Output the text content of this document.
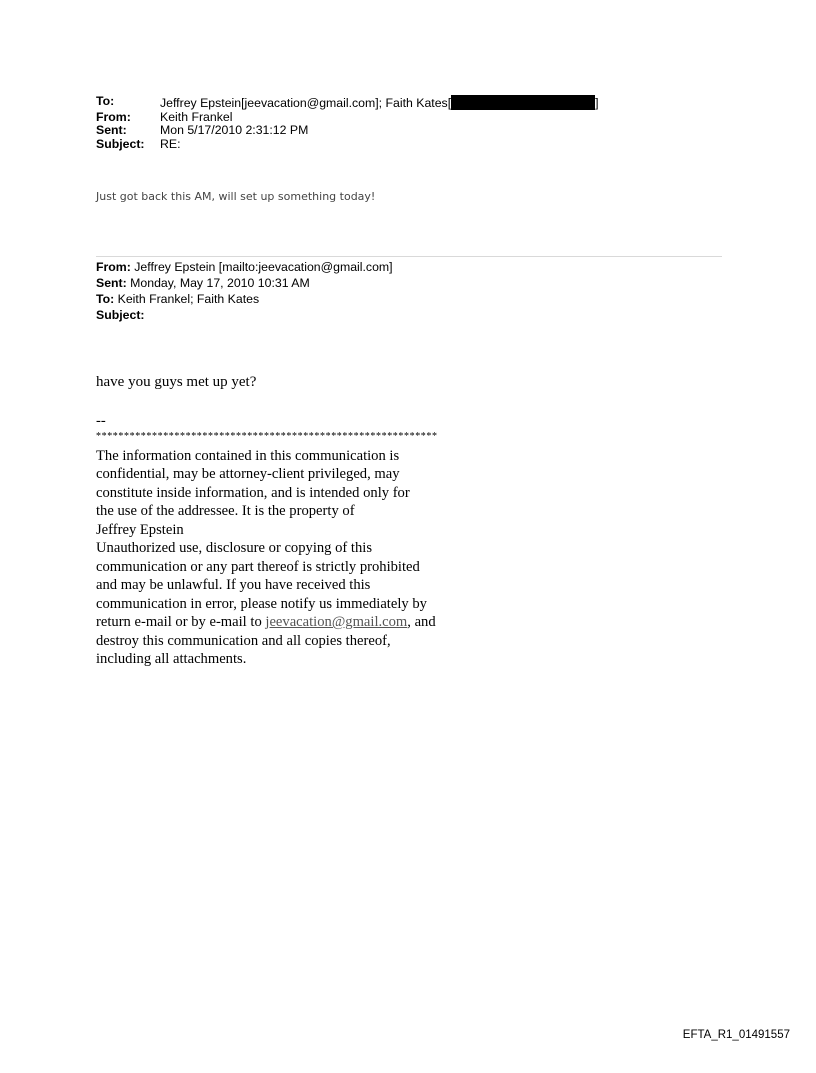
To:	Jeffrey Epstein[jeevacation@gmail.com]; Faith Kates[	]
From:	Keith Frankel
Sent:	Mon 5/17/2010 2:31:12 PM
Subject:	RE:
Just got back this AM, will set up something today!
From: Jeffrey Epstein [mailto:jeevacation@gmail.com]
Sent: Monday, May 17, 2010 10:31 AM
To: Keith Frankel; Faith Kates
Subject:
have you guys met up yet?
--
*************************************************************
The information contained in this communication is
confidential, may be attorney-client privileged, may
constitute inside information, and is intended only for
the use of the addressee. It is the property of
Jeffrey Epstein
Unauthorized use, disclosure or copying of this
communication or any part thereof is strictly prohibited
and may be unlawful. If you have received this
communication in error, please notify us immediately by
return e-mail or by e-mail to jeevacation@gmail.com, and
destroy this communication and all copies thereof,
including all attachments.
EFTA_R1_01491557
